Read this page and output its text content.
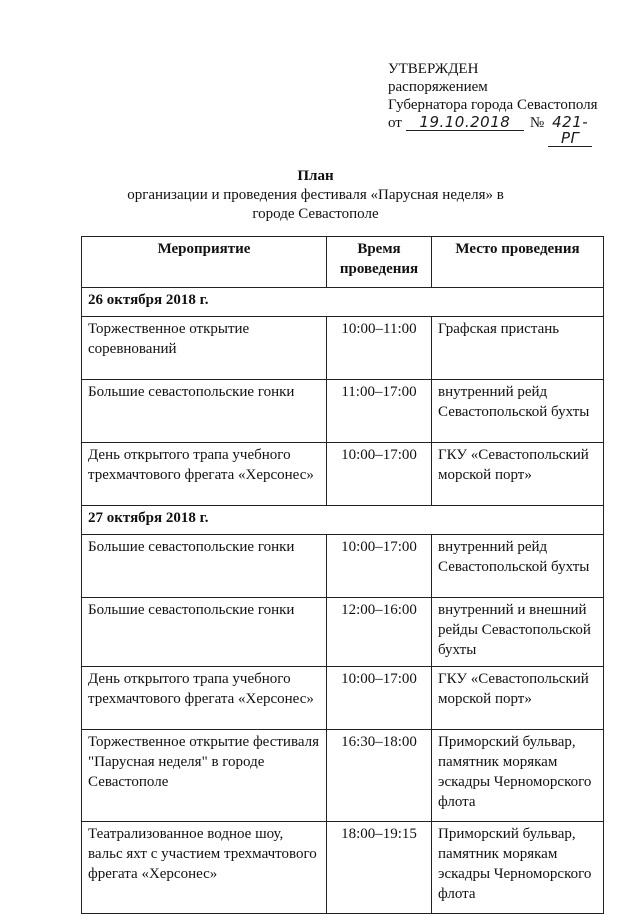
УТВЕРЖДЕН
распоряжением
Губернатора города Севастополя
от	19.10.2018	№ 421-РГ
План
организации и проведения фестиваля «Парусная неделя» в городе Севастополе
Мероприятие	Время проведения	Место проведения
26 октября 2018 г.		
Торжественное открытие соревнований	10:00–11:00	Графская пристань
Большие севастопольские гонки	11:00–17:00	внутренний рейд Севастопольской бухты
День открытого трапа учебного трехмачтового фрегата «Херсонес»	10:00–17:00	ГКУ «Севастопольский морской порт»
27 октября 2018 г.		
Большие севастопольские гонки	10:00–17:00	внутренний рейд Севастопольской бухты
Большие севастопольские гонки	12:00–16:00	внутренний и внешний рейды Севастопольской бухты
День открытого трапа учебного трехмачтового фрегата «Херсонес»	10:00–17:00	ГКУ «Севастопольский морской порт»
Торжественное открытие фестиваля "Парусная неделя" в городе Севастополе	16:30–18:00	Приморский бульвар, памятник морякам эскадры Черноморского флота
Театрализованное водное шоу, вальс яхт с участием трехмачтового фрегата «Херсонес»	18:00–19:15	Приморский бульвар, памятник морякам эскадры Черноморского флота
